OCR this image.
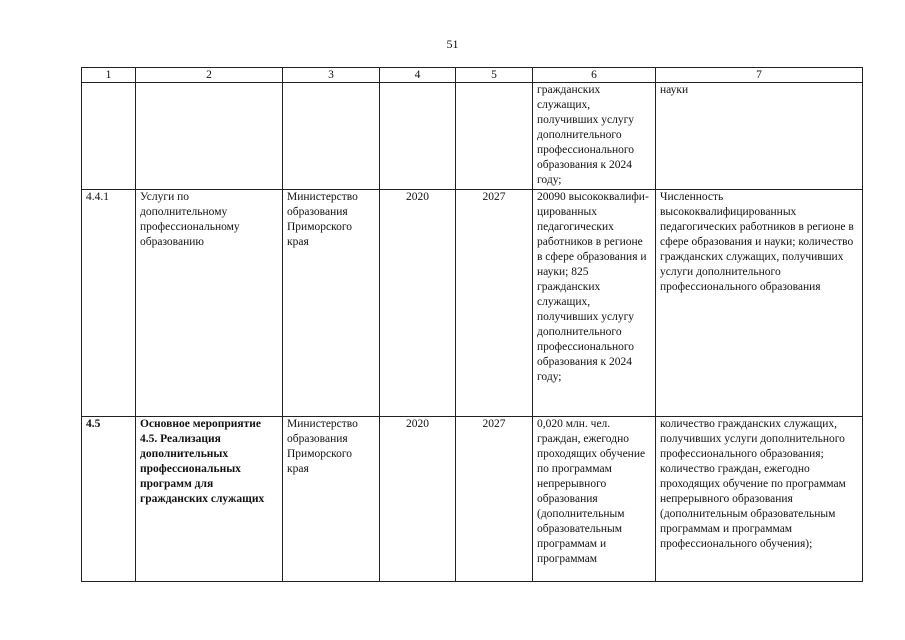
51
1	2	3	4	5	6	7
					гражданских служащих, получивших услугу дополнительного профессионального образования к 2024 году;	науки
4.4.1	Услуги по дополнительному профессиональному образованию	Министерство образования Приморского края	2020	2027	20090 высококвалифи-цированных педагогических работников в регионе в сфере образования и науки; 825 гражданских служащих, получивших услугу дополнительного профессионального образования к 2024 году;	Численность высококвалифицированных педагогических работников в регионе в сфере образования и науки; количество гражданских служащих, получивших услуги дополнительного профессионального образования
4.5	Основное мероприятие 4.5. Реализация дополнительных профессиональных программ для гражданских служащих	Министерство образования Приморского края	2020	2027	0,020 млн. чел. граждан, ежегодно проходящих обучение по программам непрерывного образования (дополнительным образовательным программам и программам	количество гражданских служащих, получивших услуги дополнительного профессионального образования; количество граждан, ежегодно проходящих обучение по программам непрерывного образования (дополнительным образовательным программам и программам профессионального обучения);
